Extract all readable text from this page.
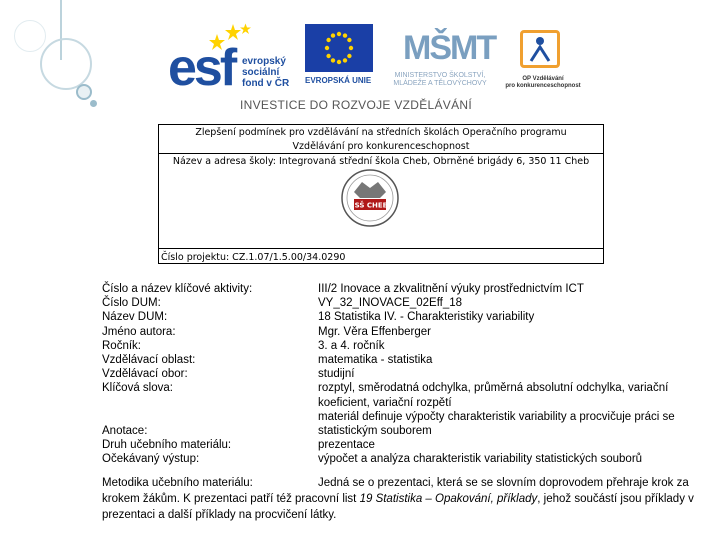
esf evropský
sociální
fond v ČR EVROPSKÁ UNIE
MŠMT
MINISTERSTVO ŠKOLSTVÍ,
MLÁDEŽE A TĚLOVÝCHOVY
OP Vzdělávání
pro konkurenceschopnost
INVESTICE DO ROZVOJE VZDĚLÁVÁNÍ
Zlepšení podmínek pro vzdělávání na středních školách Operačního programu
Vzdělávání pro konkurenceschopnost
Název a adresa školy: Integrovaná střední škola Cheb, Obrněné brigády 6, 350 11 Cheb
ISŠ CHEB
Číslo projektu: CZ.1.07/1.5.00/34.0290
Číslo a název klíčové aktivity:	III/2 Inovace a zkvalitnění výuky prostřednictvím ICT
Číslo DUM:	VY_32_INOVACE_02Eff_18
Název DUM:	18 Statistika IV. - Charakteristiky variability
Jméno autora:	Mgr. Věra Effenberger
Ročník:	3. a 4. ročník
Vzdělávací oblast:	matematika - statistika
Vzdělávací obor:	studijní
Klíčová slova:	rozptyl, směrodatná odchylka, průměrná absolutní odchylka, variační koeficient, variační rozpětí
Anotace:
materiál definuje výpočty charakteristik variability a procvičuje práci se statistickým souborem
Druh učebního materiálu:	prezentace
Očekávaný výstup:	výpočet a analýza charakteristik variability statistických souborů
Metodika učebního materiálu:	Jedná se o prezentaci, která se se slovním doprovodem přehraje krok za krokem žákům. K prezentaci patří též pracovní list 19 Statistika – Opakování, příklady, jehož součástí jsou příklady v prezentaci a další příklady na procvičení látky.
